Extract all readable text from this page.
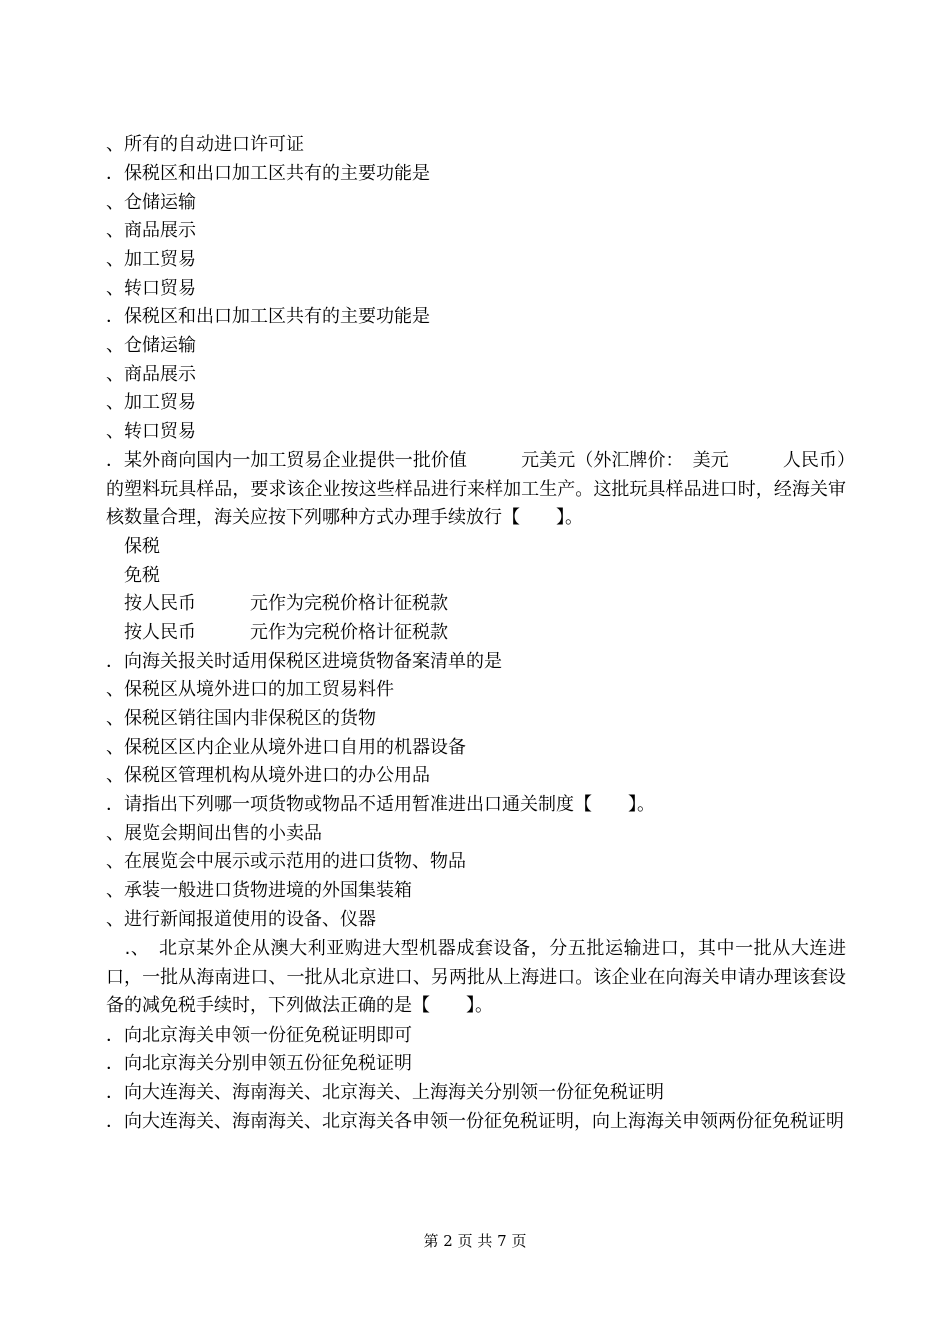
、所有的自动进口许可证
．保税区和出口加工区共有的主要功能是
、仓储运输
、商品展示
、加工贸易
、转口贸易
．保税区和出口加工区共有的主要功能是
、仓储运输
、商品展示
、加工贸易
、转口贸易
．某外商向国内一加工贸易企业提供一批价值　　　元美元（外汇牌价：　美元　　　人民币）的塑料玩具样品，要求该企业按这些样品进行来样加工生产。这批玩具样品进口时，经海关审核数量合理，海关应按下列哪种方式办理手续放行【　　】。
　保税
　免税
　按人民币　　　元作为完税价格计征税款
　按人民币　　　元作为完税价格计征税款
．向海关报关时适用保税区进境货物备案清单的是
、保税区从境外进口的加工贸易料件
、保税区销往国内非保税区的货物
、保税区区内企业从境外进口自用的机器设备
、保税区管理机构从境外进口的办公用品
．请指出下列哪一项货物或物品不适用暂准进出口通关制度【　　】。
、展览会期间出售的小卖品
、在展览会中展示或示范用的进口货物、物品
、承装一般进口货物进境的外国集装箱
、进行新闻报道使用的设备、仪器
　.、　北京某外企从澳大利亚购进大型机器成套设备，分五批运输进口，其中一批从大连进口，一批从海南进口、一批从北京进口、另两批从上海进口。该企业在向海关申请办理该套设备的减免税手续时，下列做法正确的是【　　】。
．向北京海关申领一份征免税证明即可
．向北京海关分别申领五份征免税证明
．向大连海关、海南海关、北京海关、上海海关分别领一份征免税证明
．向大连海关、海南海关、北京海关各申领一份征免税证明，向上海海关申领两份征免税证明
第 2 页 共 7 页
